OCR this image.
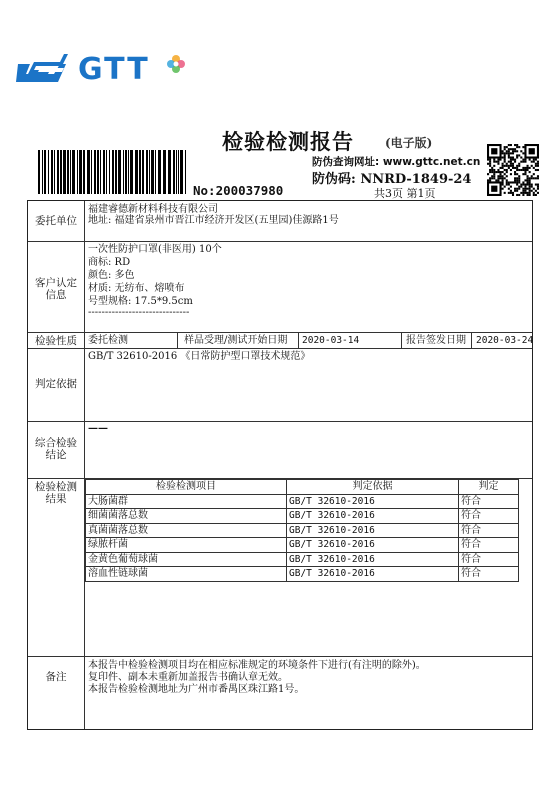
GTT
检验检测报告	(电子版)
防伪查询网址: www.gttc.net.cn
防伪码: NNRD-1849-24
共3页 第1页
No:200037980
委托单位
福建睿德新材料科技有限公司
地址: 福建省泉州市晋江市经济开发区(五里园)佳源路1号
客户认定
信息
一次性防护口罩(非医用) 10个
商标: RD
颜色: 多色
材质: 无纺布、熔喷布
号型规格: 17.5*9.5cm
------------------------------
检验性质	委托检测	样品受理/测试开始日期 2020-03-14	报告签发日期 2020-03-24
判定依据
GB/T 32610-2016 《日常防护型口罩技术规范》
综合检验
结论
——
检验检测
结果
检验检测项目	判定依据	判定
大肠菌群	GB/T 32610-2016	符合
细菌菌落总数	GB/T 32610-2016	符合
真菌菌落总数	GB/T 32610-2016	符合
绿脓杆菌	GB/T 32610-2016	符合
金黄色葡萄球菌	GB/T 32610-2016	符合
溶血性链球菌	GB/T 32610-2016	符合
备注
本报告中检验检测项目均在相应标准规定的环境条件下进行(有注明的除外)。
复印件、副本未重新加盖报告书确认章无效。
本报告检验检测地址为广州市番禺区珠江路1号。
